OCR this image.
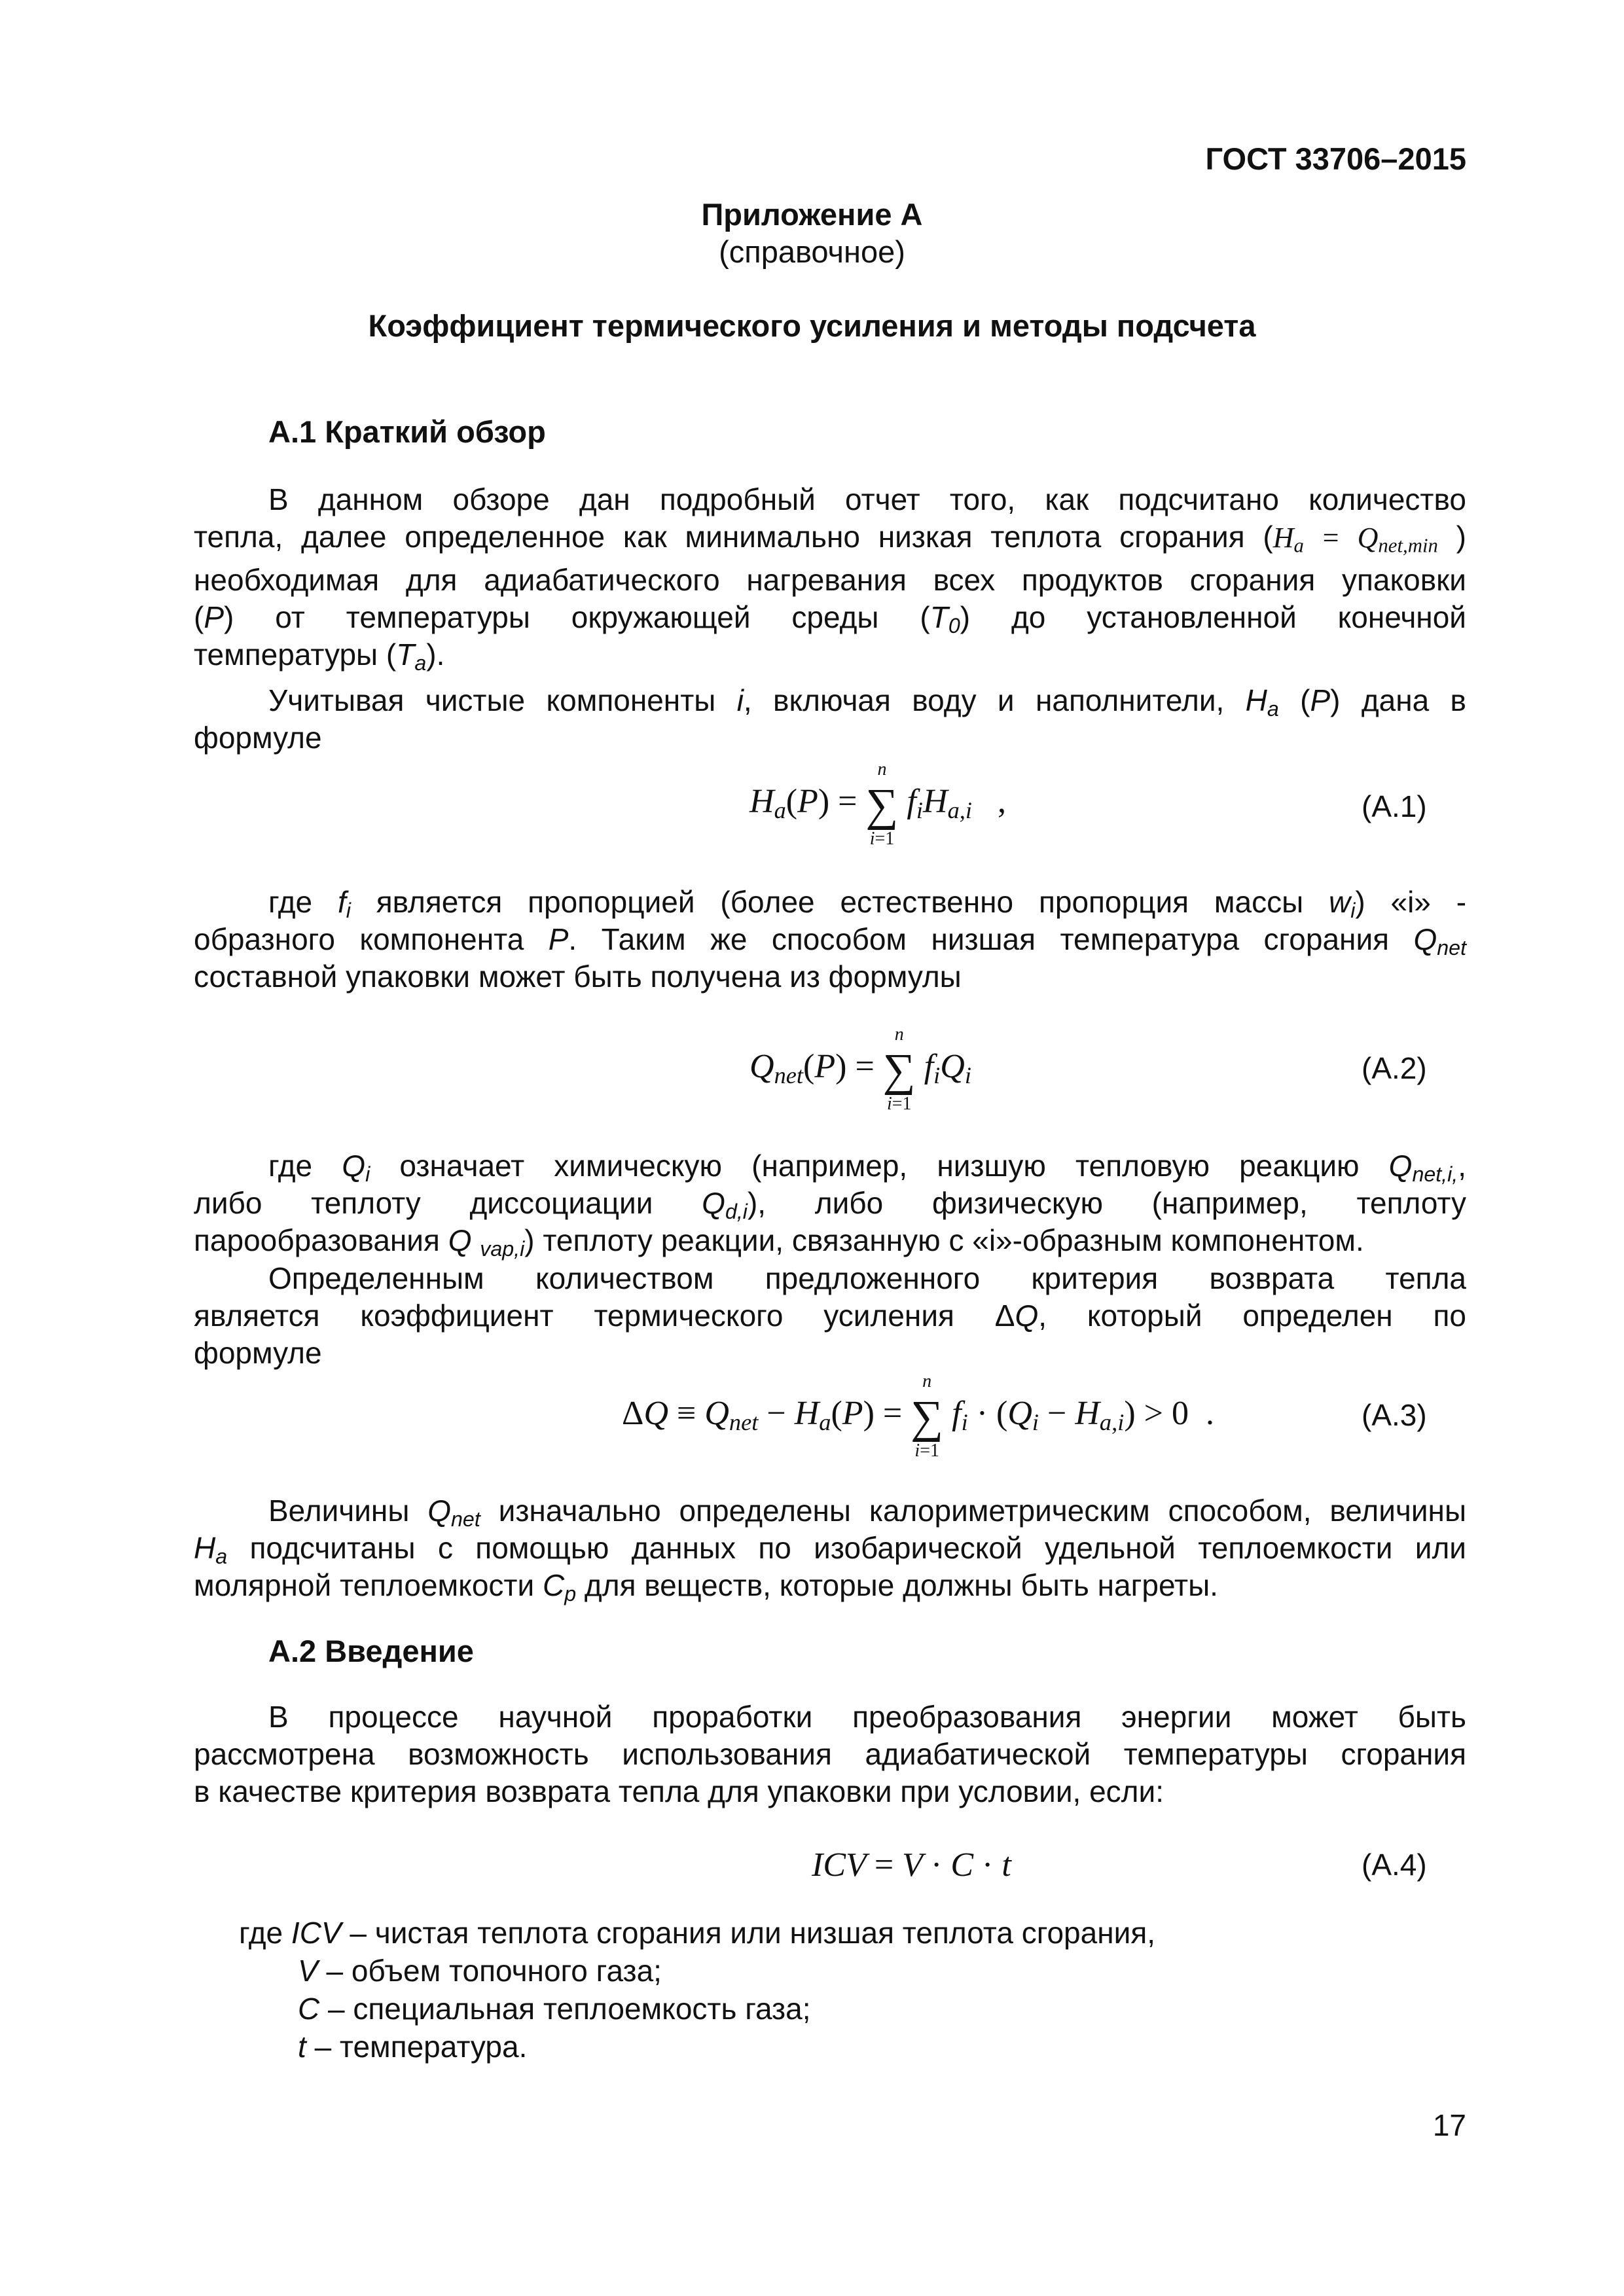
ГОСТ 33706–2015
Приложение А
(справочное)
Коэффициент термического усиления и методы подсчета
А.1 Краткий обзор
В данном обзоре дан подробный отчет того, как подсчитано количество
тепла, далее определенное как минимально низкая теплота сгорания ($H_a = Q_{net,min}$ )
необходимая для адиабатического нагревания всех продуктов сгорания упаковки
(P) от температуры окружающей среды $(T_0)$ до установленной конечной
температуры $(T_a)$.
Учитывая чистые компоненты i, включая воду и наполнители, $H_a$ (P) дана в
формуле
$H_a(P)$ = ∑
n
i=1
$f_iH_{a,i}$   ,	(А.1)
где $f_i$ является пропорцией (более естественно пропорция массы $w_i$) «i» -
образного компонента P. Таким же способом низшая температура сгорания $Q_{net}$
составной упаковки может быть получена из формулы
$Q_{net}(P)$ = ∑
n
i=1
$f_iQ_i$	(А.2)
где $Q_i$ означает химическую (например, низшую тепловую реакцию $Q_{net,i,}$,
либо теплоту диссоциации $Q_{d,i}$), либо физическую (например, теплоту
парообразования Q $_{vap,i}$) теплоту реакции, связанную с «i»-образным компонентом.
Определенным количеством предложенного критерия возврата тепла
является коэффициент термического усиления ΔQ, который определен по
формуле
$\Delta Q \equiv Q_{net} - H_a(P)$ = ∑
n
i=1
$f_i \cdot (Q_i - H_{a,i}) > 0$  .	(А.3)
Величины $Q_{net}$ изначально определены калориметрическим способом, величины
$H_a$ подсчитаны с помощью данных по изобарической удельной теплоемкости или
молярной теплоемкости $C_p$ для веществ, которые должны быть нагреты.
А.2 Введение
В процессе научной проработки преобразования энергии может быть
рассмотрена возможность использования адиабатической температуры сгорания
в качестве критерия возврата тепла для упаковки при условии, если:
ICV = V · C · t	(А.4)
где ICV – чистая теплота сгорания или низшая теплота сгорания,
V – объем топочного газа;
C – специальная теплоемкость газа;
t – температура.
17
